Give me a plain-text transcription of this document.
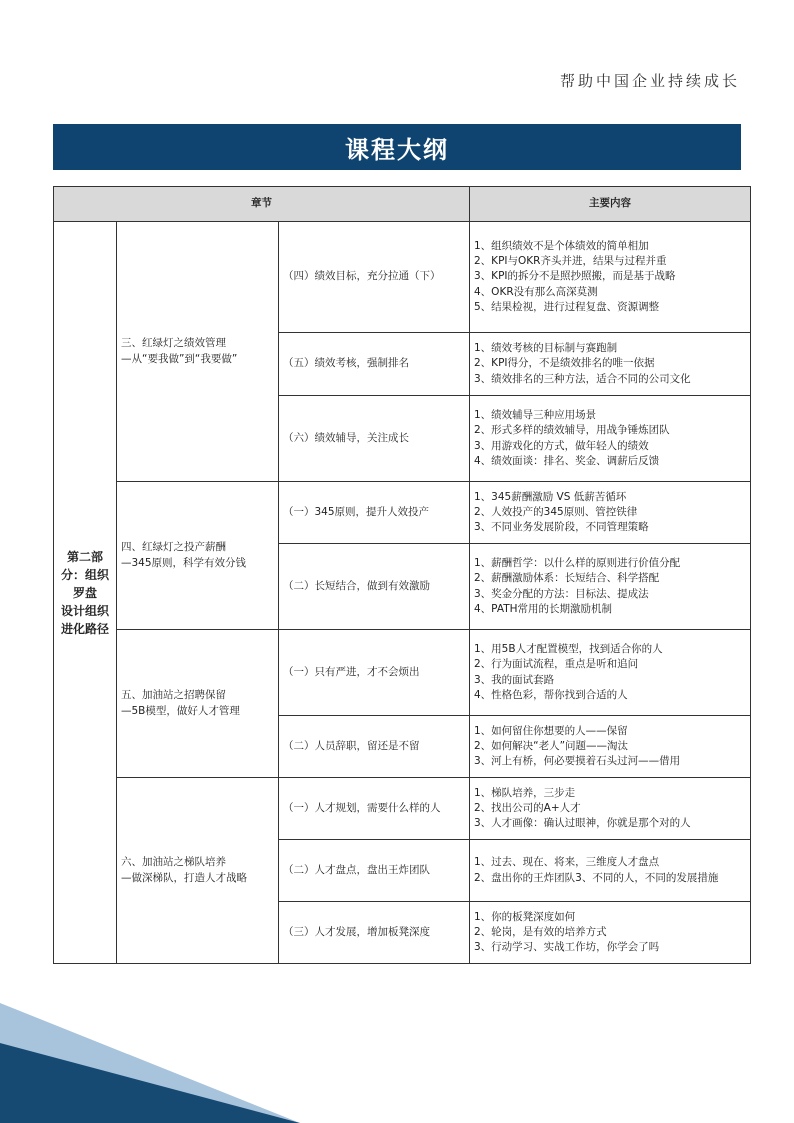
帮助中国企业持续成长
课程大纲
章节			主要内容

第二部分：组织罗盘
设计组织进化路径	三、红绿灯之绩效管理
—从“要我做”到“我要做”	（四）绩效目标，充分拉通（下）	1、组织绩效不是个体绩效的简单相加
2、KPI与OKR齐头并进，结果与过程并重
3、KPI的拆分不是照抄照搬，而是基于战略
4、OKR没有那么高深莫测
5、结果检视，进行过程复盘、资源调整

		（五）绩效考核，强制排名	1、绩效考核的目标制与赛跑制
2、KPI得分，不是绩效排名的唯一依据
3、绩效排名的三种方法，适合不同的公司文化

		（六）绩效辅导，关注成长	1、绩效辅导三种应用场景
2、形式多样的绩效辅导，用战争锤炼团队
3、用游戏化的方式，做年轻人的绩效
4、绩效面谈：排名、奖金、调薪后反馈

	四、红绿灯之投产薪酬
—345原则，科学有效分钱	（一）345原则，提升人效投产	1、345薪酬激励 VS 低薪苦循环
2、人效投产的345原则、管控铁律
3、不同业务发展阶段，不同管理策略

		（二）长短结合，做到有效激励	1、薪酬哲学：以什么样的原则进行价值分配
2、薪酬激励体系：长短结合、科学搭配
3、奖金分配的方法：目标法、提成法
4、PATH常用的长期激励机制

	五、加油站之招聘保留
—5B模型，做好人才管理	（一）只有严进，才不会烦出	1、用5B人才配置模型，找到适合你的人
2、行为面试流程，重点是听和追问
3、我的面试套路
4、性格色彩，帮你找到合适的人

		（二）人员辞职，留还是不留	1、如何留住你想要的人——保留
2、如何解决“老人”问题——淘汰
3、河上有桥，何必要摸着石头过河——借用

	六、加油站之梯队培养
—做深梯队，打造人才战略	（一）人才规划，需要什么样的人	1、梯队培养，三步走
2、找出公司的A+人才
3、人才画像：确认过眼神，你就是那个对的人

		（二）人才盘点，盘出王炸团队	1、过去、现在、将来，三维度人才盘点
2、盘出你的王炸团队3、不同的人，不同的发展措施

		（三）人才发展，增加板凳深度	1、你的板凳深度如何
2、轮岗，是有效的培养方式
3、行动学习、实战工作坊，你学会了吗
